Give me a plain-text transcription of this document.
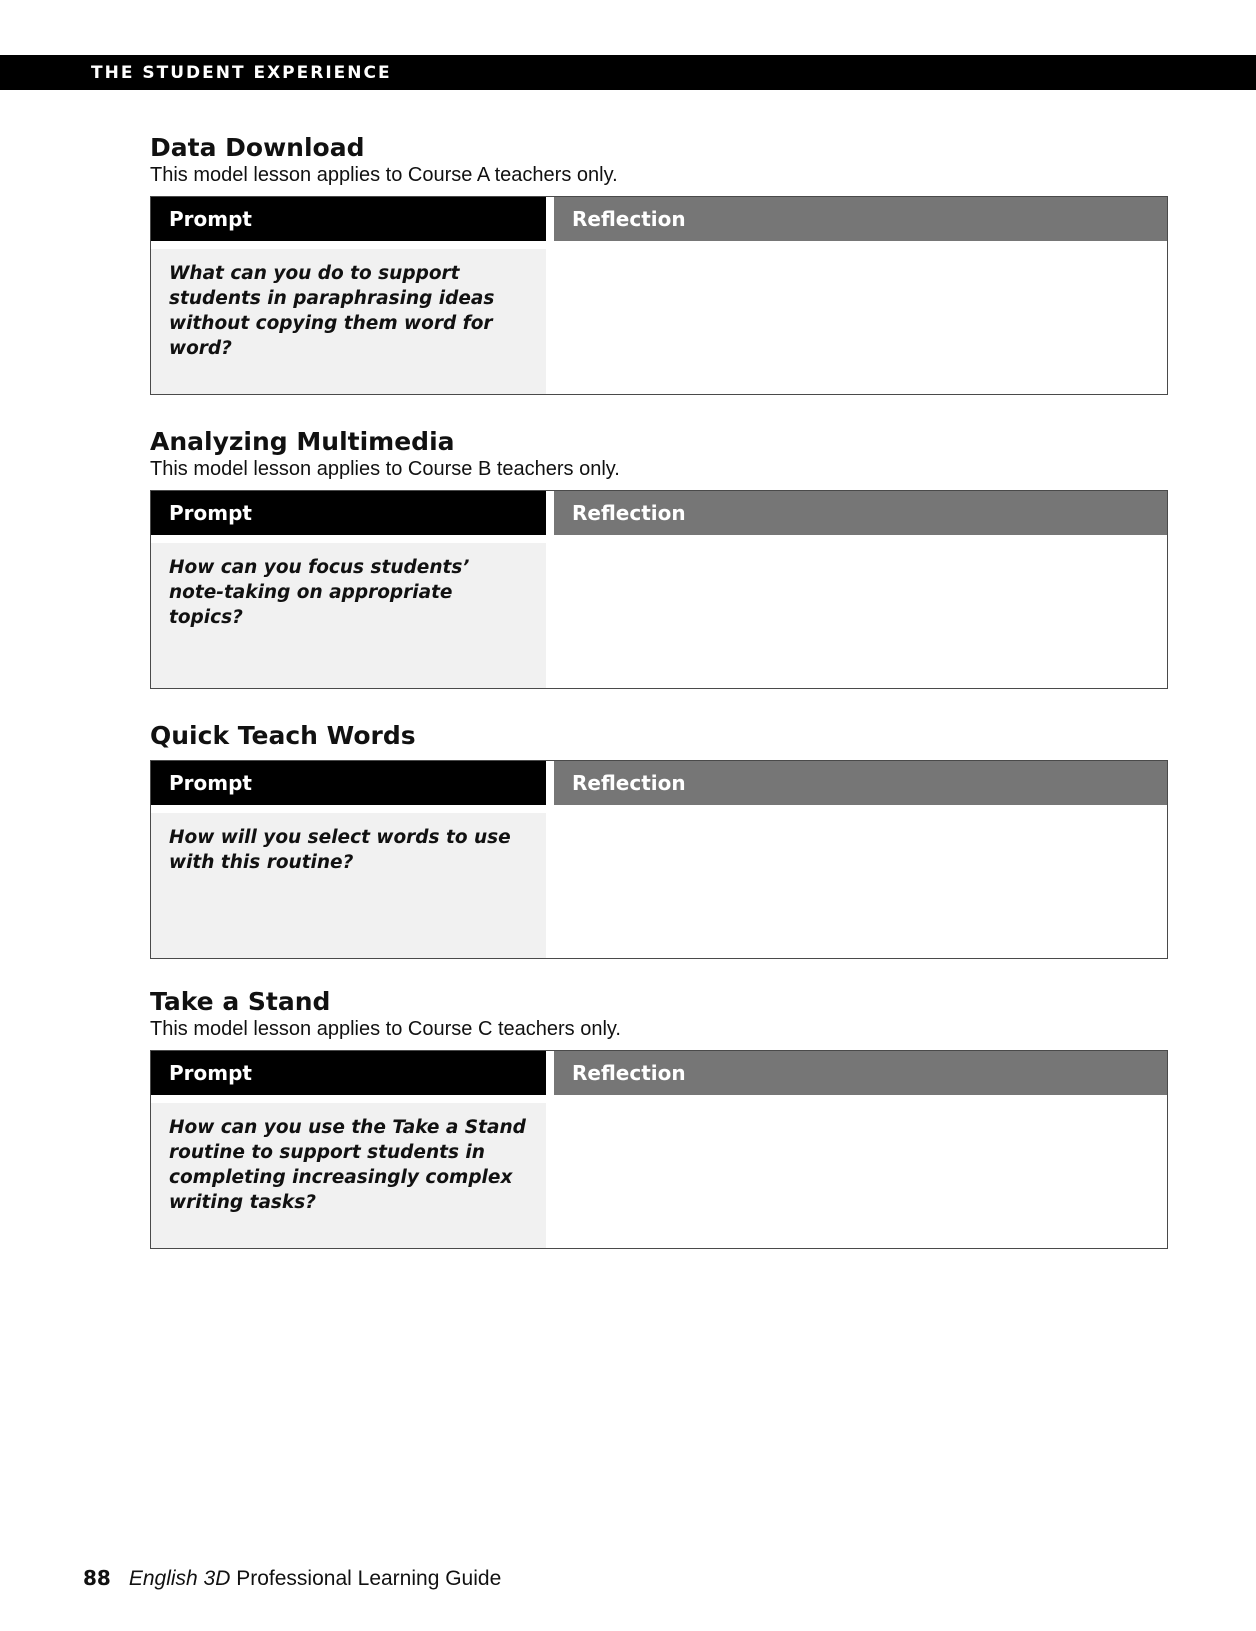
THE STUDENT EXPERIENCE
Data Download

This model lesson applies to Course A teachers only.

Prompt	Reflection
What can you do to support students in paraphrasing ideas without copying them word for word?
Analyzing Multimedia

This model lesson applies to Course B teachers only.

Prompt	Reflection
How can you focus students’ note-taking on appropriate topics?
Quick Teach Words
Prompt	Reflection
How will you select words to use with this routine?
Take a Stand

This model lesson applies to Course C teachers only.

Prompt	Reflection
How can you use the Take a Stand routine to support students in completing increasingly complex writing tasks?
88 English 3D Professional Learning Guide
